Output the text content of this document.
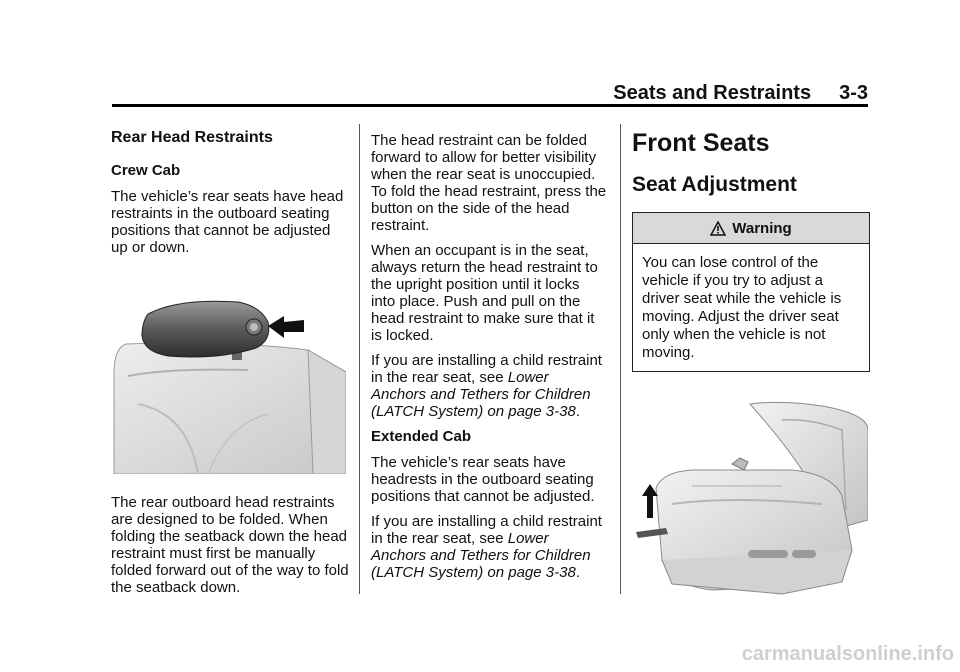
Seats and Restraints 3-3
Rear Head Restraints
Crew Cab

The vehicle’s rear seats have head restraints in the outboard seating positions that cannot be adjusted up or down.

The rear outboard head restraints are designed to be folded. When folding the seatback down the head restraint must first be manually folded forward out of the way to fold the seatback down.

The head restraint can be folded forward to allow for better visibility when the rear seat is unoccupied. To fold the head restraint, press the button on the side of the head restraint.

When an occupant is in the seat, always return the head restraint to the upright position until it locks into place. Push and pull on the head restraint to make sure that it is locked.

If you are installing a child restraint in the rear seat, see Lower Anchors and Tethers for Children (LATCH System) on page 3-38.

Extended Cab

The vehicle’s rear seats have headrests in the outboard seating positions that cannot be adjusted.

If you are installing a child restraint in the rear seat, see Lower Anchors and Tethers for Children (LATCH System) on page 3-38.

Front Seats
Seat Adjustment
Warning
You can lose control of the vehicle if you try to adjust a driver seat while the vehicle is moving. Adjust the driver seat only when the vehicle is not moving.
carmanualsonline.info
